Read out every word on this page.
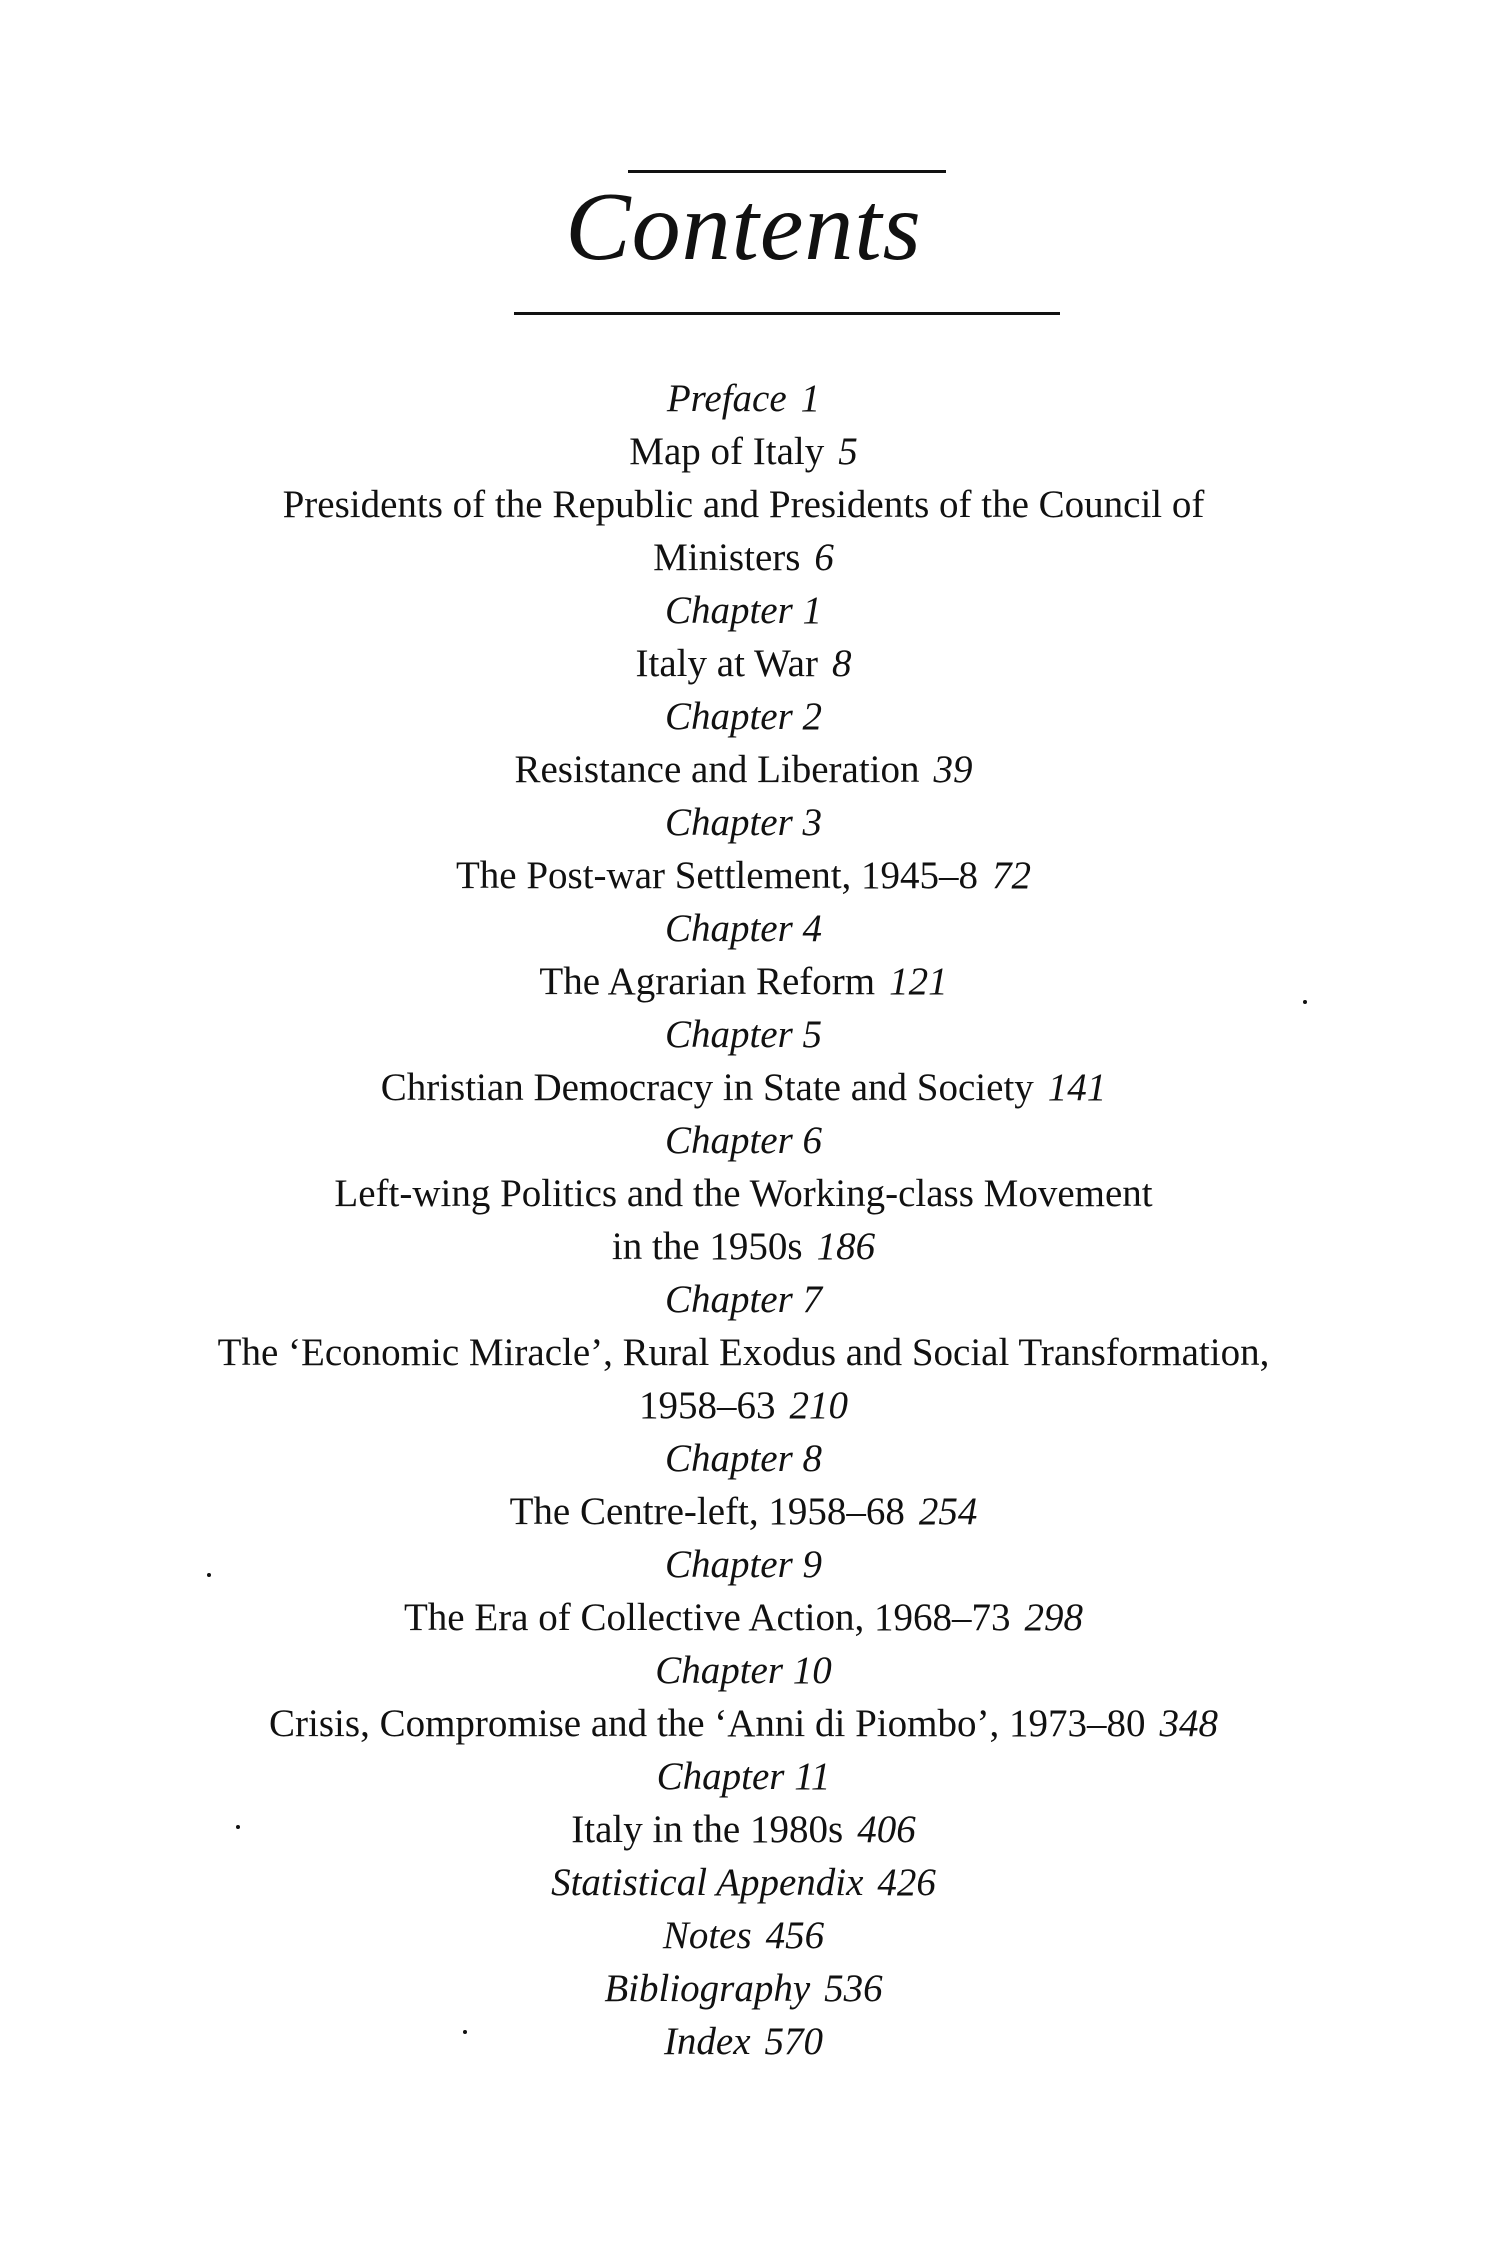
Contents

Preface 1

Map of Italy 5

Presidents of the Republic and Presidents of the Council of
Ministers 6

Chapter 1
Italy at War 8

Chapter 2
Resistance and Liberation 39

Chapter 3
The Post-war Settlement, 1945–8 72

Chapter 4
The Agrarian Reform 121

Chapter 5
Christian Democracy in State and Society 141

Chapter 6
Left-wing Politics and the Working-class Movement
in the 1950s 186

Chapter 7
The ‘Economic Miracle’, Rural Exodus and Social Transformation,
1958–63 210

Chapter 8
The Centre-left, 1958–68 254

Chapter 9
The Era of Collective Action, 1968–73 298

Chapter 10
Crisis, Compromise and the ‘Anni di Piombo’, 1973–80 348

Chapter 11
Italy in the 1980s 406

Statistical Appendix 426

Notes 456

Bibliography 536

Index 570
